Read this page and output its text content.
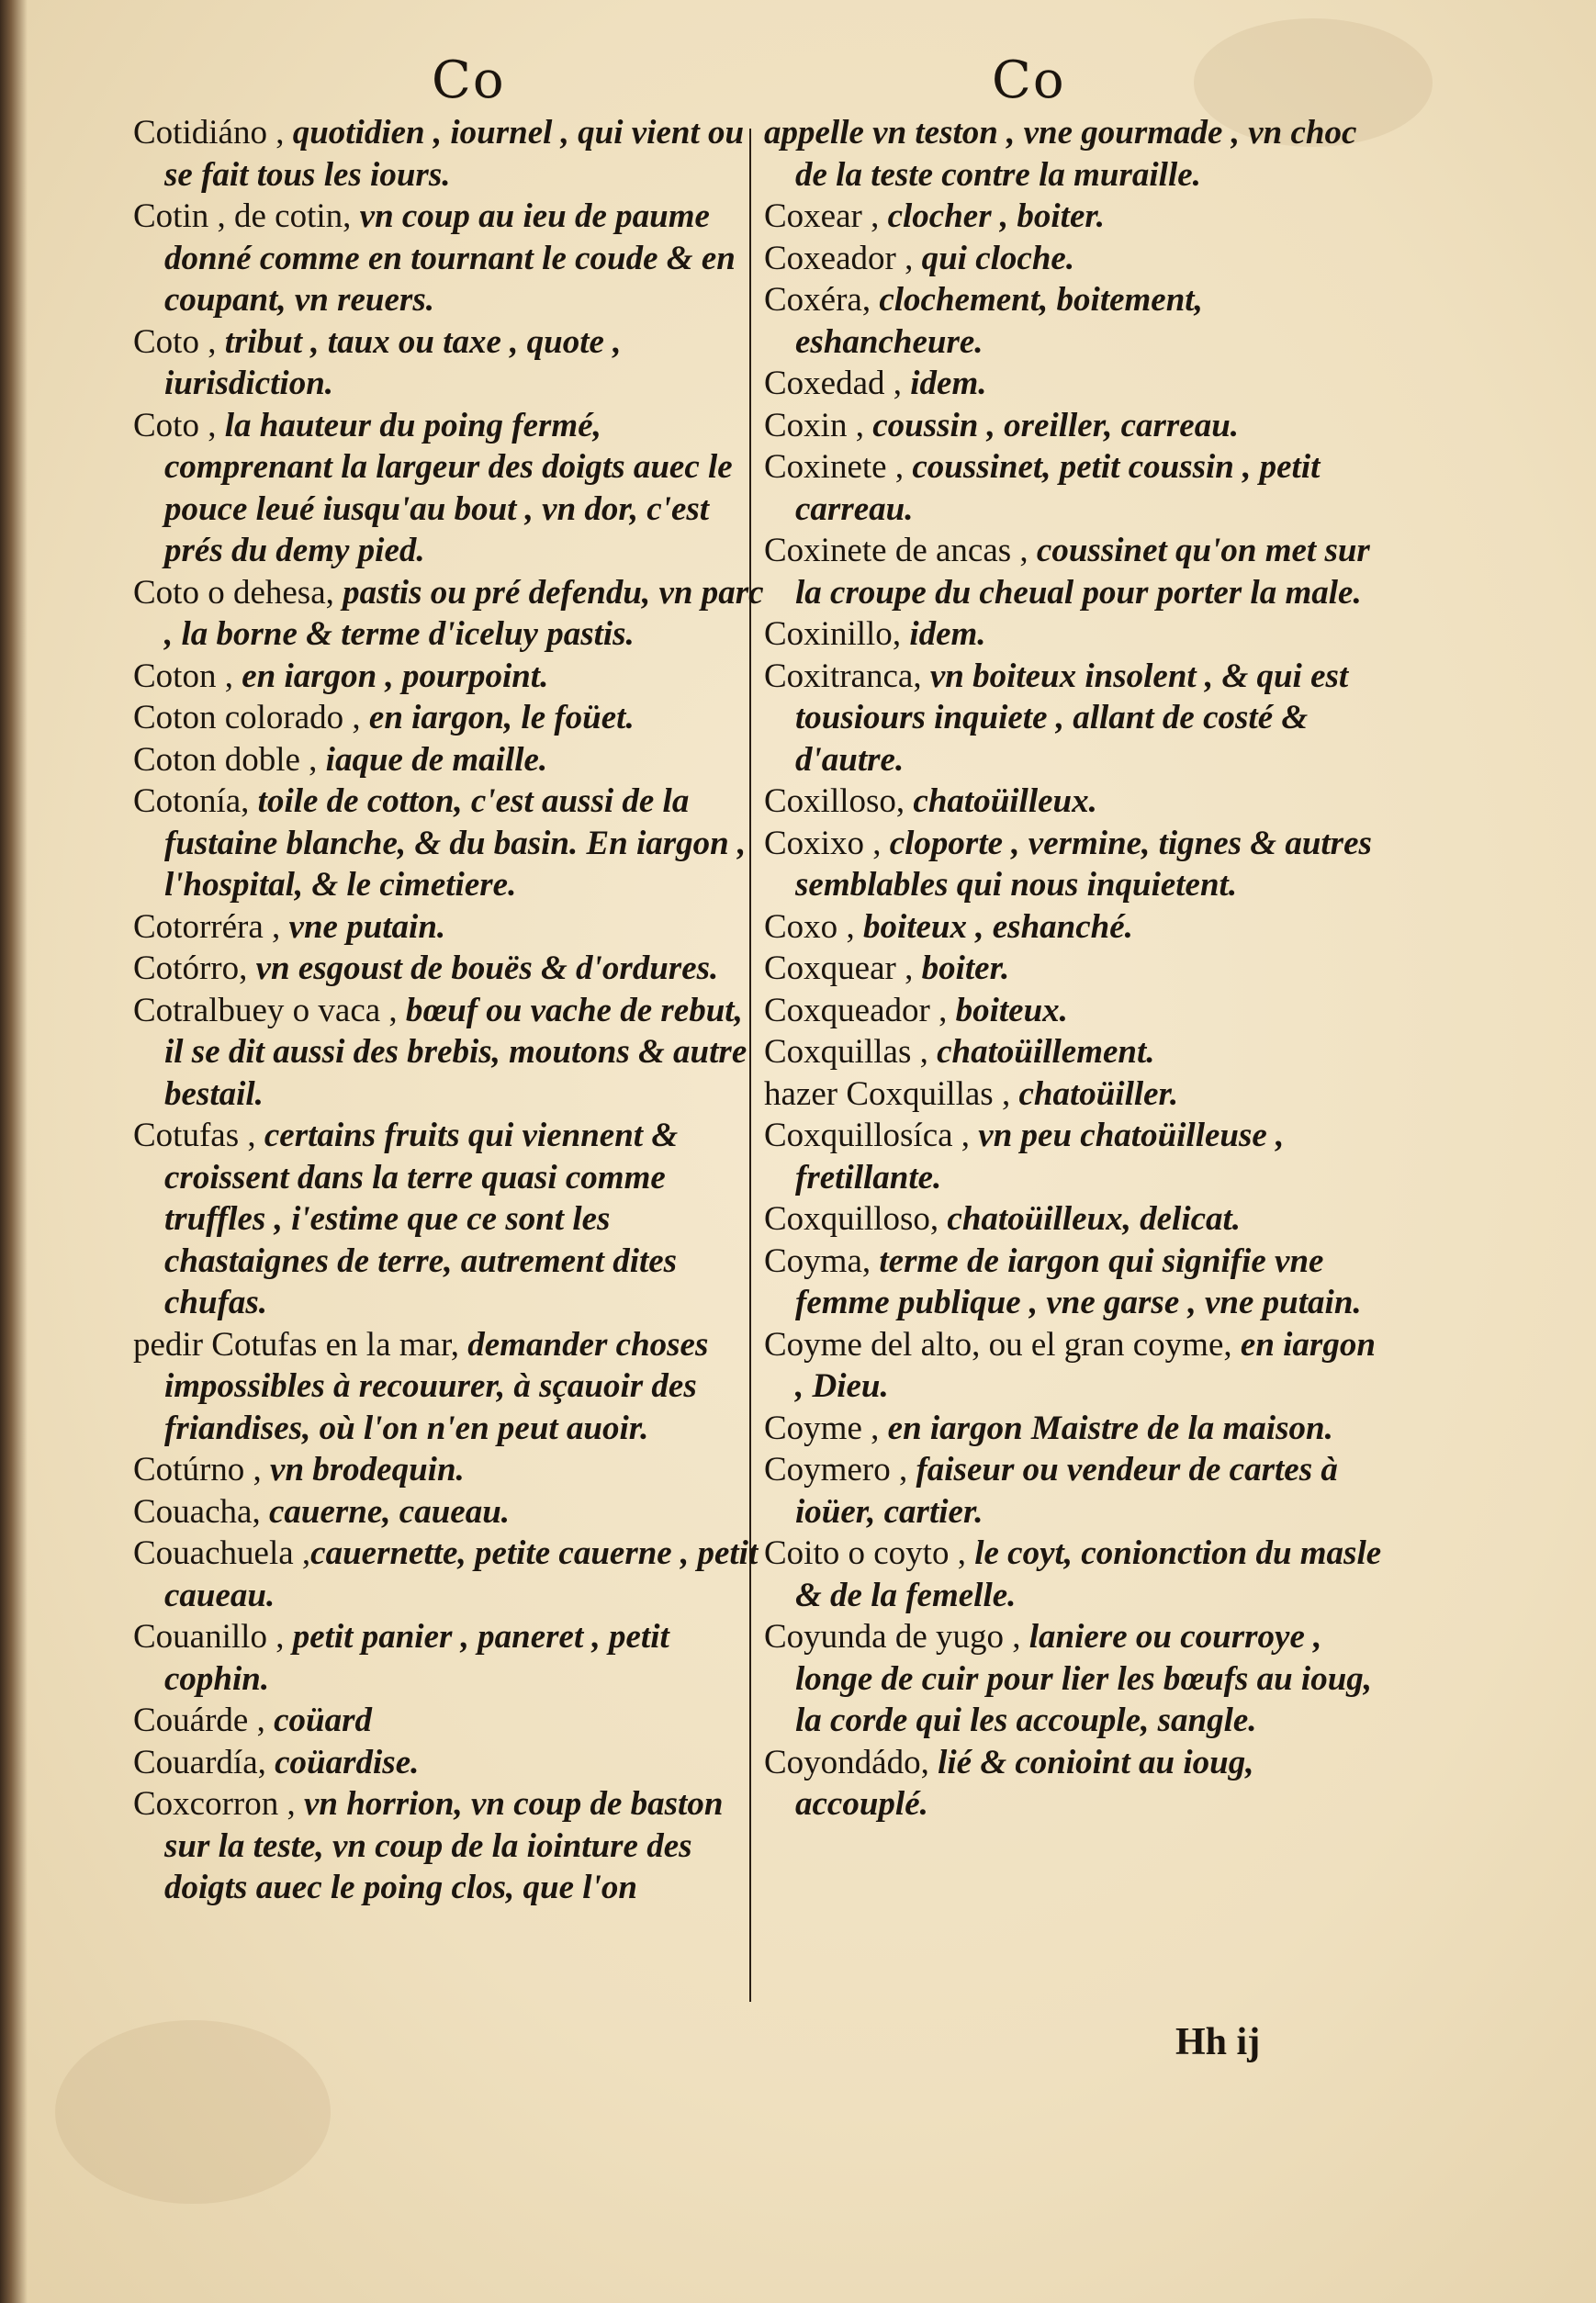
Co	Co

Cotidiáno , quotidien , iournel , qui vient ou se fait tous les iours.

Cotin , de cotin, vn coup au ieu de paume donné comme en tournant le coude & en coupant, vn reuers.

Coto , tribut , taux ou taxe , quote , iurisdiction.

Coto , la hauteur du poing fermé, comprenant la largeur des doigts auec le pouce leué iusqu'au bout , vn dor, c'est prés du demy pied.

Coto o dehesa, pastis ou pré defendu, vn parc , la borne & terme d'iceluy pastis.

Coton , en iargon , pourpoint.

Coton colorado , en iargon, le foüet.

Coton doble , iaque de maille.

Cotonía, toile de cotton, c'est aussi de la fustaine blanche, & du basin. En iargon , l'hospital, & le cimetiere.

Cotorréra , vne putain.

Cotórro, vn esgoust de bouës & d'ordures.

Cotralbuey o vaca , bœuf ou vache de rebut, il se dit aussi des brebis, moutons & autre bestail.

Cotufas , certains fruits qui viennent & croissent dans la terre quasi comme truffles , i'estime que ce sont les chastaignes de terre, autrement dites chufas.

pedir Cotufas en la mar, demander choses impossibles à recouurer, à sçauoir des friandises, où l'on n'en peut auoir.

Cotúrno , vn brodequin.

Couacha, cauerne, caueau.

Couachuela ,cauernette, petite cauerne , petit caueau.

Couanillo , petit panier , paneret , petit cophin.

Couárde , coüard

Couardía, coüardise.

Coxcorron , vn horrion, vn coup de baston sur la teste, vn coup de la iointure des doigts auec le poing clos, que l'on

appelle vn teston , vne gourmade , vn choc de la teste contre la muraille.

Coxear , clocher , boiter.

Coxeador , qui cloche.

Coxéra, clochement, boitement, eshancheure.

Coxedad , idem.

Coxin , coussin , oreiller, carreau.

Coxinete , coussinet, petit coussin , petit carreau.

Coxinete de ancas , coussinet qu'on met sur la croupe du cheual pour porter la male.

Coxinillo, idem.

Coxitranca, vn boiteux insolent , & qui est tousiours inquiete , allant de costé & d'autre.

Coxilloso, chatoüilleux.

Coxixo , cloporte , vermine, tignes & autres semblables qui nous inquietent.

Coxo , boiteux , eshanché.

Coxquear , boiter.

Coxqueador , boiteux.

Coxquillas , chatoüillement.

hazer Coxquillas , chatoüiller.

Coxquillosíca , vn peu chatoüilleuse , fretillante.

Coxquilloso, chatoüilleux, delicat.

Coyma, terme de iargon qui signifie vne femme publique , vne garse , vne putain.

Coyme del alto, ou el gran coyme, en iargon , Dieu.

Coyme , en iargon Maistre de la maison.

Coymero , faiseur ou vendeur de cartes à ioüer, cartier.

Coito o coyto , le coyt, conionction du masle & de la femelle.

Coyunda de yugo , laniere ou courroye , longe de cuir pour lier les bœufs au ioug, la corde qui les accouple, sangle.

Coyondádo, lié & conioint au ioug, accouplé.

Hh ij
